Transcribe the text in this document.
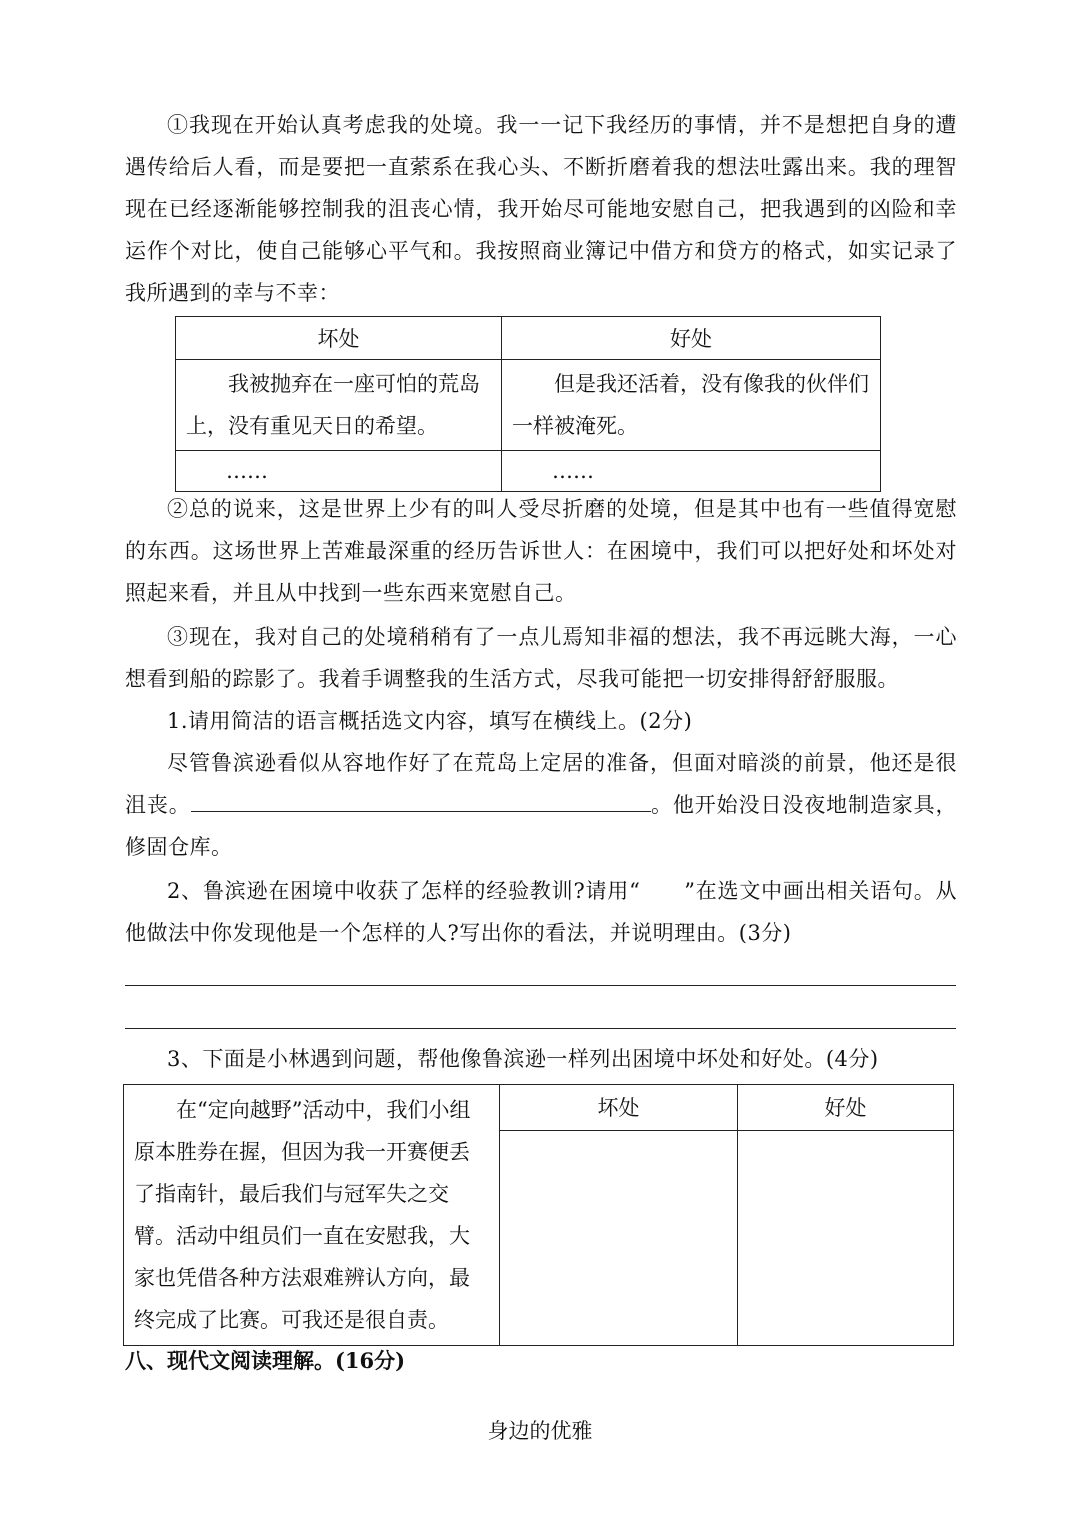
①我现在开始认真考虑我的处境。我一一记下我经历的事情，并不是想把自身的遭遇传给后人看，而是要把一直萦系在我心头、不断折磨着我的想法吐露出来。我的理智现在已经逐渐能够控制我的沮丧心情，我开始尽可能地安慰自己，把我遇到的凶险和幸运作个对比，使自己能够心平气和。我按照商业簿记中借方和贷方的格式，如实记录了我所遇到的幸与不幸：

坏处	好处
我被抛弃在一座可怕的荒岛上，没有重见天日的希望。	但是我还活着，没有像我的伙伴们一样被淹死。
……	……

②总的说来，这是世界上少有的叫人受尽折磨的处境，但是其中也有一些值得宽慰的东西。这场世界上苦难最深重的经历告诉世人：在困境中，我们可以把好处和坏处对照起来看，并且从中找到一些东西来宽慰自己。

③现在，我对自己的处境稍稍有了一点儿焉知非福的想法，我不再远眺大海，一心想看到船的踪影了。我着手调整我的生活方式，尽我可能把一切安排得舒舒服服。

1.请用简洁的语言概括选文内容，填写在横线上。(2分)

尽管鲁滨逊看似从容地作好了在荒岛上定居的准备，但面对暗淡的前景，他还是很沮丧。	。他开始没日没夜地制造家具，修固仓库。

2、鲁滨逊在困境中收获了怎样的经验教训?请用“　　”在选文中画出相关语句。从他做法中你发现他是一个怎样的人?写出你的看法，并说明理由。(3分)

3、下面是小林遇到问题，帮他像鲁滨逊一样列出困境中坏处和好处。(4分)

在“定向越野”活动中，我们小组原本胜券在握，但因为我一开赛便丢了指南针，最后我们与冠军失之交臂。活动中组员们一直在安慰我，大家也凭借各种方法艰难辨认方向，最终完成了比赛。可我还是很自责。	坏处	好处

八、现代文阅读理解。(16分)

身边的优雅
